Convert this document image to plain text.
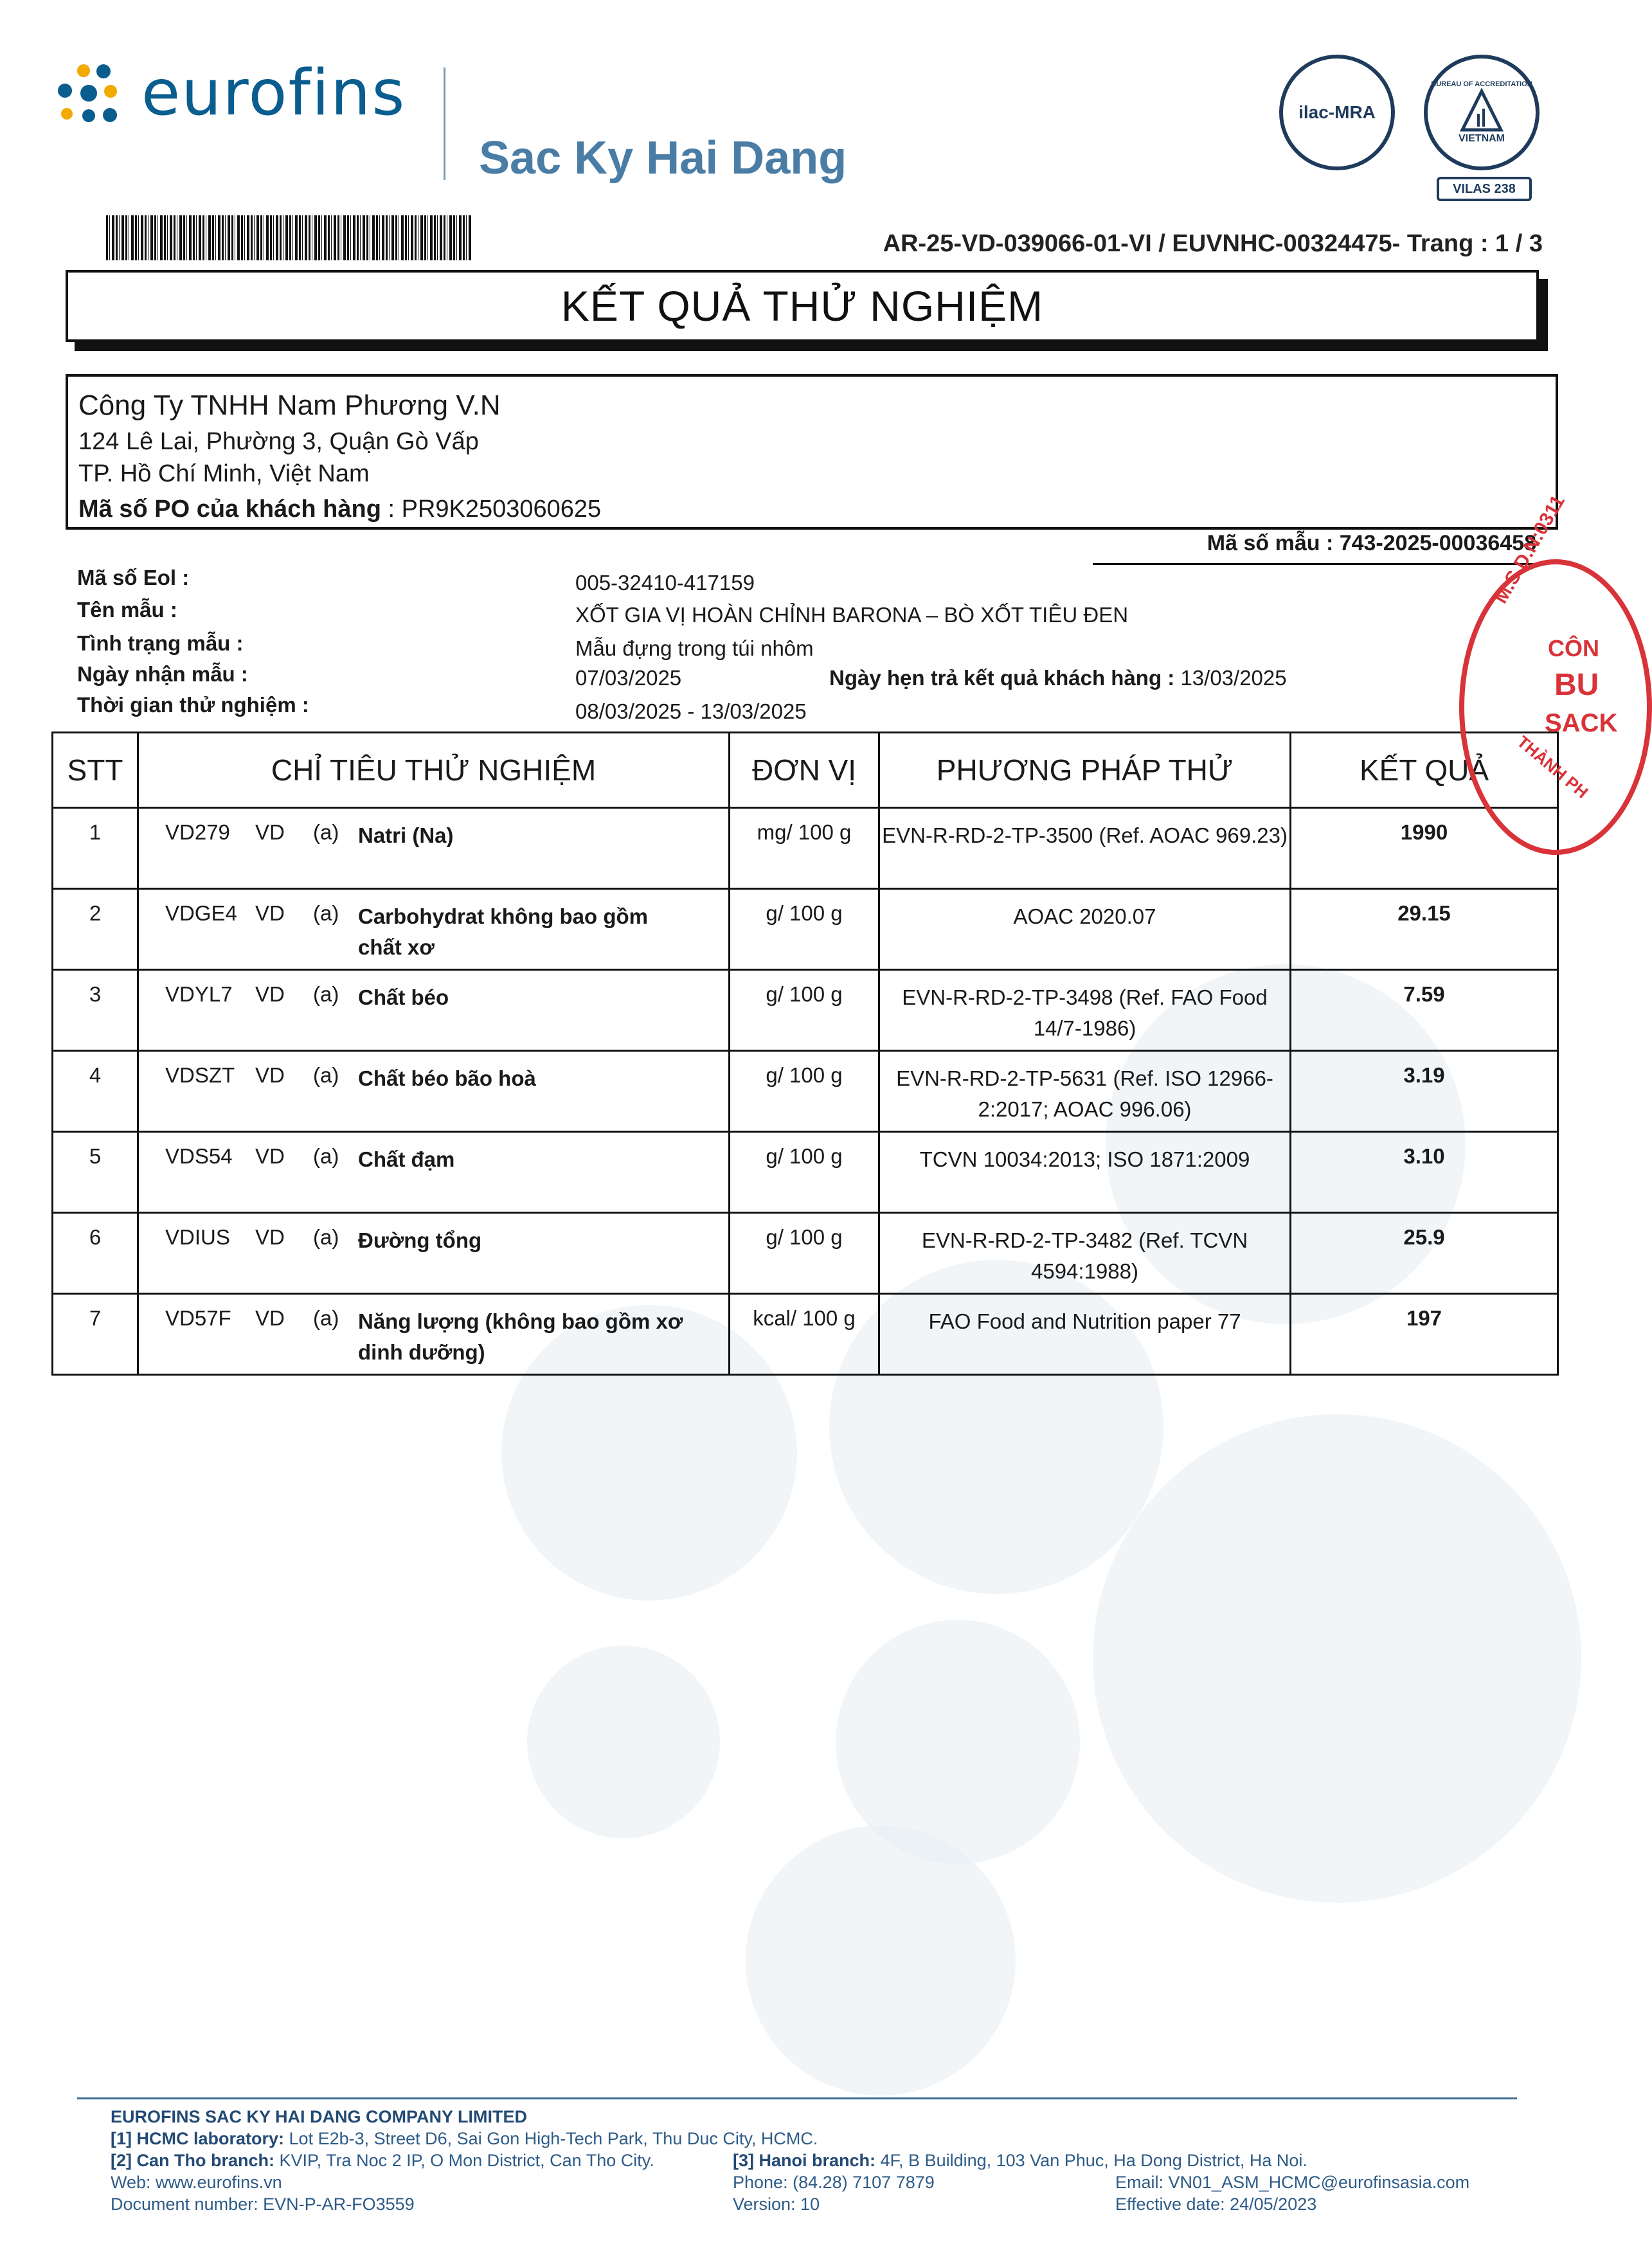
eurofins
Sac Ky Hai Dang
ilac-MRA
BUREAU OF ACCREDITATION
VIETNAM
VILAS 238
AR-25-VD-039066-01-VI / EUVNHC-00324475- Trang : 1 / 3
KẾT QUẢ THỬ NGHIỆM
Công Ty TNHH Nam Phương V.N
124 Lê Lai, Phường 3, Quận Gò Vấp
TP. Hồ Chí Minh, Việt Nam
Mã số PO của khách hàng : PR9K2503060625
Mã số mẫu : 743-2025-00036458
Mã số Eol :	005-32410-417159
Tên mẫu :	XỐT GIA VỊ HOÀN CHỈNH BARONA – BÒ XỐT TIÊU ĐEN
Tình trạng mẫu :	Mẫu đựng trong túi nhôm
Ngày nhận mẫu :	07/03/2025	Ngày hẹn trả kết quả khách hàng : 13/03/2025
Thời gian thử nghiệm :	08/03/2025 - 13/03/2025
STT	CHỈ TIÊU THỬ NGHIỆM	ĐƠN VỊ	PHƯƠNG PHÁP THỬ	KẾT QUẢ
1	VD279 VD (a) Natri (Na)	mg/ 100 g	EVN-R-RD-2-TP-3500 (Ref. AOAC 969.23)	1990
2	VDGE4 VD (a) Carbohydrat không bao gồm chất xơ	g/ 100 g	AOAC 2020.07	29.15
3	VDYL7 VD (a) Chất béo	g/ 100 g	EVN-R-RD-2-TP-3498 (Ref. FAO Food 14/7-1986)	7.59
4	VDSZT VD (a) Chất béo bão hoà	g/ 100 g	EVN-R-RD-2-TP-5631 (Ref. ISO 12966-2:2017; AOAC 996.06)	3.19
5	VDS54 VD (a) Chất đạm	g/ 100 g	TCVN 10034:2013; ISO 1871:2009	3.10
6	VDIUS VD (a) Đường tổng	g/ 100 g	EVN-R-RD-2-TP-3482 (Ref. TCVN 4594:1988)	25.9
7	VD57F VD (a) Năng lượng (không bao gồm xơ dinh dưỡng)	kcal/ 100 g	FAO Food and Nutrition paper 77	197
M.S.D.N:0311
CÔN
BU
SACK
THÀNH PH
EUROFINS SAC KY HAI DANG COMPANY LIMITED
[1] HCMC laboratory: Lot E2b-3, Street D6, Sai Gon High-Tech Park, Thu Duc City, HCMC.
[2] Can Tho branch: KVIP, Tra Noc 2 IP, O Mon District, Can Tho City.	[3] Hanoi branch: 4F, B Building, 103 Van Phuc, Ha Dong District, Ha Noi.
Web: www.eurofins.vn	Phone: (84.28) 7107 7879	Email: VN01_ASM_HCMC@eurofinsasia.com
Document number: EVN-P-AR-FO3559	Version: 10	Effective date: 24/05/2023
